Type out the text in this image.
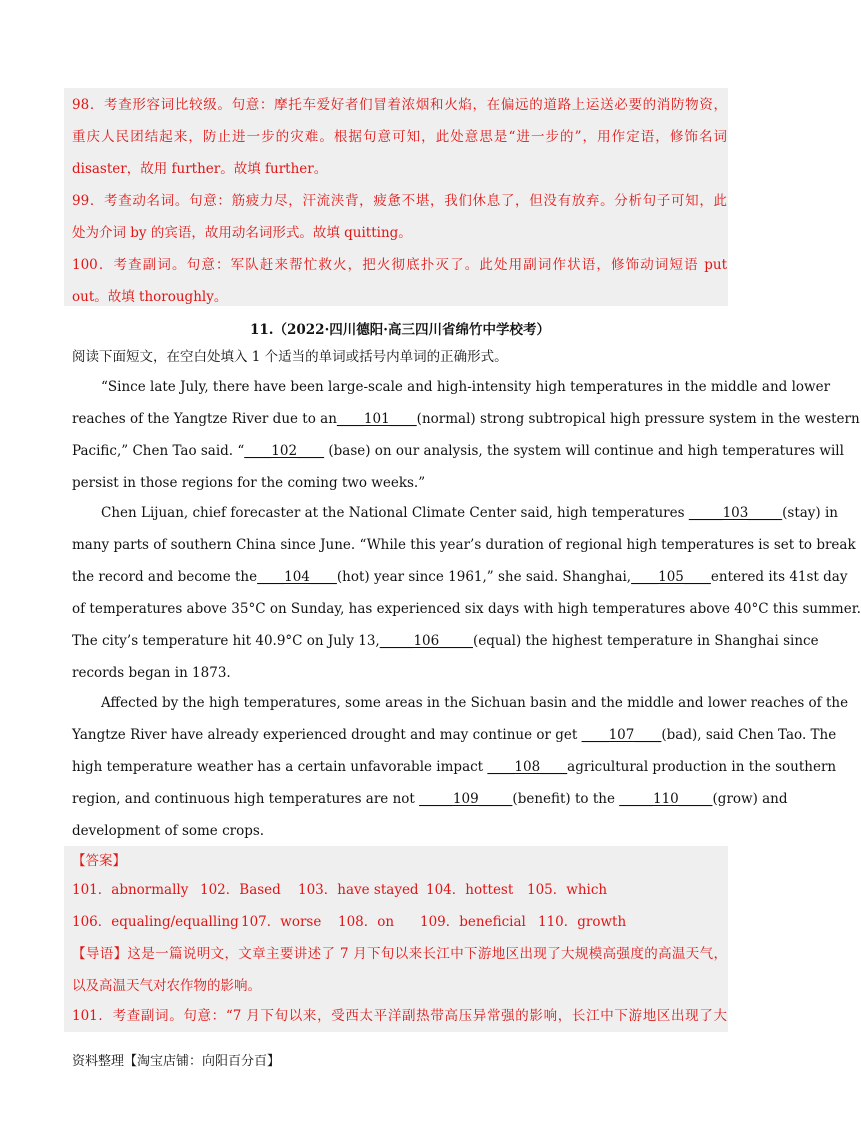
98．考查形容词比较级。句意：摩托车爱好者们冒着浓烟和火焰，在偏远的道路上运送必要的消防物资，
重庆人民团结起来，防止进一步的灾难。根据句意可知，此处意思是“进一步的”，用作定语，修饰名词
disaster，故用 further。故填 further。
99．考查动名词。句意：筋疲力尽，汗流浃背，疲惫不堪，我们休息了，但没有放弃。分析句子可知，此
处为介词 by 的宾语，故用动名词形式。故填 quitting。
100．考查副词。句意：军队赶来帮忙救火，把火彻底扑灭了。此处用副词作状语，修饰动词短语 put
out。故填 thoroughly。
11.（2022·四川德阳·高三四川省绵竹中学校考）
阅读下面短文，在空白处填入 1 个适当的单词或括号内单词的正确形式。
“Since late July, there have been large-scale and high-intensity high temperatures in the middle and lower
reaches of the Yangtze River due to an____101____(normal) strong subtropical high pressure system in the western
Pacific,” Chen Tao said. “____102____ (base) on our analysis, the system will continue and high temperatures will
persist in those regions for the coming two weeks.”
Chen Lijuan, chief forecaster at the National Climate Center said, high temperatures _____103_____(stay) in
many parts of southern China since June. “While this year’s duration of regional high temperatures is set to break
the record and become the____104____(hot) year since 1961,” she said. Shanghai,____105____entered its 41st day
of temperatures above 35°C on Sunday, has experienced six days with high temperatures above 40°C this summer.
The city’s temperature hit 40.9°C on July 13,_____106_____(equal) the highest temperature in Shanghai since
records began in 1873.
Affected by the high temperatures, some areas in the Sichuan basin and the middle and lower reaches of the
Yangtze River have already experienced drought and may continue or get ____107____(bad), said Chen Tao. The
high temperature weather has a certain unfavorable impact ____108____agricultural production in the southern
region, and continuous high temperatures are not _____109_____(benefit) to the _____110_____(grow) and
development of some crops.
【答案】
101．abnormally 102．Based 103．have stayed 104．hottest 105．which
106．equaling/equalling 107．worse 108．on 109．beneficial 110．growth
【导语】这是一篇说明文，文章主要讲述了 7 月下旬以来长江中下游地区出现了大规模高强度的高温天气，
以及高温天气对农作物的影响。
101．考查副词。句意：“7 月下旬以来，受西太平洋副热带高压异常强的影响，长江中下游地区出现了大
资料整理【淘宝店铺：向阳百分百】
